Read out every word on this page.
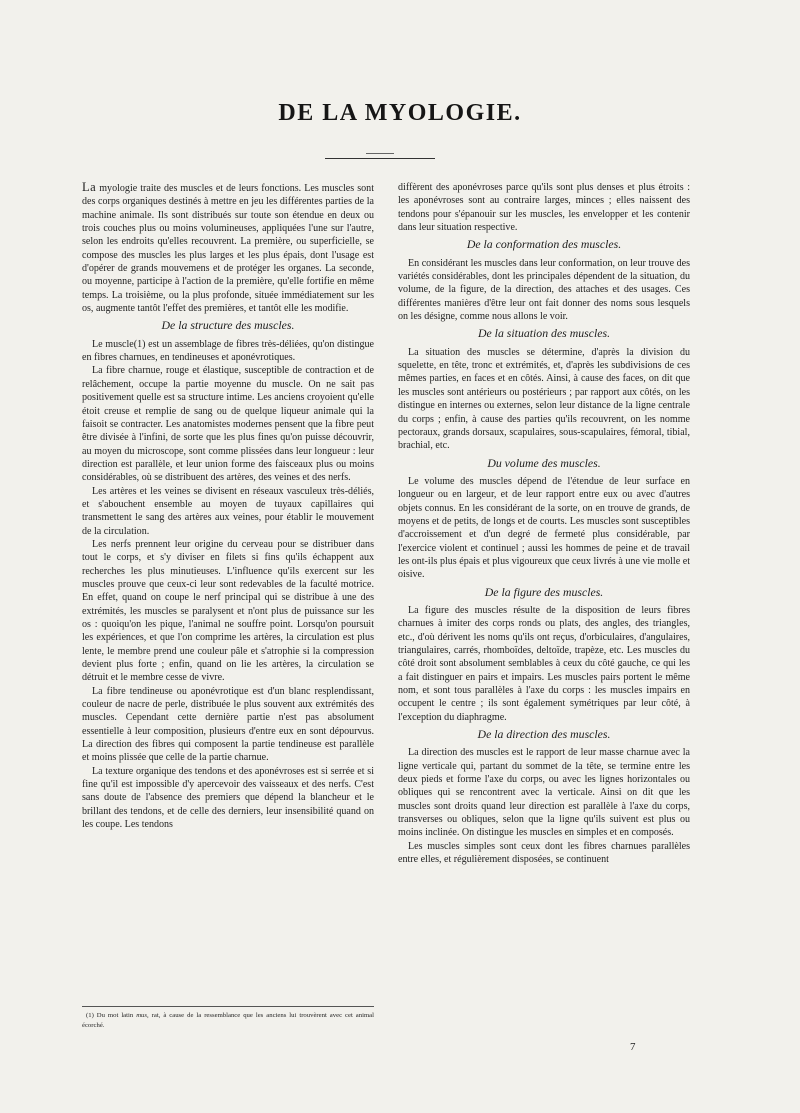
DE LA MYOLOGIE.

La myologie traite des muscles et de leurs fonctions. Les muscles sont des corps organiques destinés à mettre en jeu les différentes parties de la machine animale. Ils sont distribués sur toute son étendue en deux ou trois couches plus ou moins volumineuses, appliquées l'une sur l'autre, selon les endroits qu'elles recouvrent. La première, ou superficielle, se compose des muscles les plus larges et les plus épais, dont l'usage est d'opérer de grands mouvemens et de protéger les organes. La seconde, ou moyenne, participe à l'action de la première, qu'elle fortifie en même temps. La troisième, ou la plus profonde, située immédiatement sur les os, augmente tantôt l'effet des premières, et tantôt elle les modifie.

De la structure des muscles.

Le muscle(1) est un assemblage de fibres très-déliées, qu'on distingue en fibres charnues, en tendineuses et aponévrotiques.

La fibre charnue, rouge et élastique, susceptible de contraction et de relâchement, occupe la partie moyenne du muscle. On ne sait pas positivement quelle est sa structure intime. Les anciens croyoient qu'elle étoit creuse et remplie de sang ou de quelque liqueur animale qui la faisoit se contracter. Les anatomistes modernes pensent que la fibre peut être divisée à l'infini, de sorte que les plus fines qu'on puisse découvrir, au moyen du microscope, sont comme plissées dans leur longueur : leur direction est parallèle, et leur union forme des faisceaux plus ou moins considérables, où se distribuent des artères, des veines et des nerfs.

Les artères et les veines se divisent en réseaux vasculeux très-déliés, et s'abouchent ensemble au moyen de tuyaux capillaires qui transmettent le sang des artères aux veines, pour établir le mouvement de la circulation.

Les nerfs prennent leur origine du cerveau pour se distribuer dans tout le corps, et s'y diviser en filets si fins qu'ils échappent aux recherches les plus minutieuses. L'influence qu'ils exercent sur les muscles prouve que ceux-ci leur sont redevables de la faculté motrice. En effet, quand on coupe le nerf principal qui se distribue à une des extrémités, les muscles se paralysent et n'ont plus de puissance sur les os : quoiqu'on les pique, l'animal ne souffre point. Lorsqu'on poursuit les expériences, et que l'on comprime les artères, la circulation est plus lente, le membre prend une couleur pâle et s'atrophie si la compression devient plus forte ; enfin, quand on lie les artères, la circulation se détruit et le membre cesse de vivre.

La fibre tendineuse ou aponévrotique est d'un blanc resplendissant, couleur de nacre de perle, distribuée le plus souvent aux extrémités des muscles. Cependant cette dernière partie n'est pas absolument essentielle à leur composition, plusieurs d'entre eux en sont dépourvus. La direction des fibres qui composent la partie tendineuse est parallèle et moins plissée que celle de la partie charnue.

La texture organique des tendons et des aponévroses est si serrée et si fine qu'il est impossible d'y apercevoir des vaisseaux et des nerfs. C'est sans doute de l'absence des premiers que dépend la blancheur et le brillant des tendons, et de celle des derniers, leur insensibilité quand on les coupe. Les tendons

(1) Du mot latin mus, rat, à cause de la ressemblance que les anciens lui trouvèrent avec cet animal écorché.

diffèrent des aponévroses parce qu'ils sont plus denses et plus étroits : les aponévroses sont au contraire larges, minces ; elles naissent des tendons pour s'épanouir sur les muscles, les envelopper et les contenir dans leur situation respective.

De la conformation des muscles.

En considérant les muscles dans leur conformation, on leur trouve des variétés considérables, dont les principales dépendent de la situation, du volume, de la figure, de la direction, des attaches et des usages. Ces différentes manières d'être leur ont fait donner des noms sous lesquels on les désigne, comme nous allons le voir.

De la situation des muscles.

La situation des muscles se détermine, d'après la division du squelette, en tête, tronc et extrémités, et, d'après les subdivisions de ces mêmes parties, en faces et en côtés. Ainsi, à cause des faces, on dit que les muscles sont antérieurs ou postérieurs ; par rapport aux côtés, on les distingue en internes ou externes, selon leur distance de la ligne centrale du corps ; enfin, à cause des parties qu'ils recouvrent, on les nomme pectoraux, grands dorsaux, scapulaires, sous-scapulaires, fémoral, tibial, brachial, etc.

Du volume des muscles.

Le volume des muscles dépend de l'étendue de leur surface en longueur ou en largeur, et de leur rapport entre eux ou avec d'autres objets connus. En les considérant de la sorte, on en trouve de grands, de moyens et de petits, de longs et de courts. Les muscles sont susceptibles d'accroissement et d'un degré de fermeté plus considérable, par l'exercice violent et continuel ; aussi les hommes de peine et de travail les ont-ils plus épais et plus vigoureux que ceux livrés à une vie molle et oisive.

De la figure des muscles.

La figure des muscles résulte de la disposition de leurs fibres charnues à imiter des corps ronds ou plats, des angles, des triangles, etc., d'où dérivent les noms qu'ils ont reçus, d'orbiculaires, d'angulaires, triangulaires, carrés, rhomboïdes, deltoïde, trapèze, etc. Les muscles du côté droit sont absolument semblables à ceux du côté gauche, ce qui les a fait distinguer en pairs et impairs. Les muscles pairs portent le même nom, et sont tous parallèles à l'axe du corps : les muscles impairs en occupent le centre ; ils sont également symétriques par leur côté, à l'exception du diaphragme.

De la direction des muscles.

La direction des muscles est le rapport de leur masse charnue avec la ligne verticale qui, partant du sommet de la tête, se termine entre les deux pieds et forme l'axe du corps, ou avec les lignes horizontales ou obliques qui se rencontrent avec la verticale. Ainsi on dit que les muscles sont droits quand leur direction est parallèle à l'axe du corps, transverses ou obliques, selon que la ligne qu'ils suivent est plus ou moins inclinée. On distingue les muscles en simples et en composés.

Les muscles simples sont ceux dont les fibres charnues parallèles entre elles, et régulièrement disposées, se continuent

7
